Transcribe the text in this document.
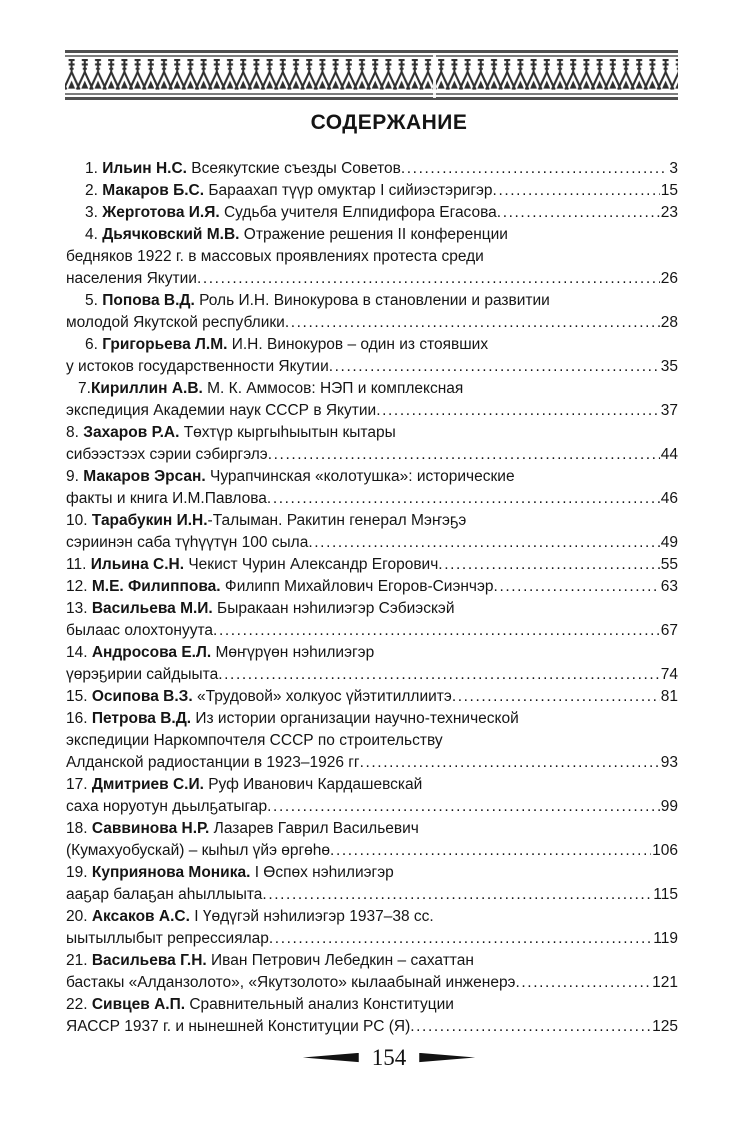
СОДЕРЖАНИЕ
1. Ильин Н.С. Всеякутские съезды Советов .....	3
2. Макаров Б.С. Бараахап түүр омуктар I сийиэстэригэр .....	15
3. Жерготова И.Я. Судьба учителя Елпидифора Егасова .....	23
4. Дьячковский М.В. Отражение решения II конференции
бедняков 1922 г. в массовых проявлениях протеста среди
населения Якутии .....	26
5. Попова В.Д. Роль И.Н. Винокурова в становлении и развитии
молодой Якутской республики .....	28
6. Григорьева Л.М. И.Н. Винокуров – один из стоявших
у истоков государственности Якутии .....	35
7.Кириллин А.В. М. К. Аммосов: НЭП и комплексная
экспедиция Академии наук СССР в Якутии .....	37
8. Захаров Р.А. Төхтүр кыргыһыытын кытары
сибээстээх сэрии сэбиргэлэ .....	44
9. Макаров Эрсан. Чурапчинская «колотушка»: исторические
факты и книга И.М.Павлова .....	46
10. Тарабукин И.Н.-Талыман. Ракитин генерал Мэҥэҕэ
сэриинэн саба түһүүтүн 100 сыла .....	49
11. Ильина С.Н. Чекист Чурин Александр Егорович .....	55
12. М.Е. Филиппова. Филипп Михайлович Егоров-Сиэнчэр .....	63
13. Васильева М.И. Быракаан нэһилиэгэр Сэбиэскэй
былаас олохтонуута .....	67
14. Андросова Е.Л. Мөҥүрүөн нэһилиэгэр
үөрэҕирии сайдыыта .....	74
15. Осипова В.З. «Трудовой» холкуос үйэтитиллиитэ .....	81
16. Петрова В.Д. Из истории организации научно-технической
экспедиции Наркомпочтеля СССР по строительству
Алданской радиостанции в 1923–1926 гг .....	93
17. Дмитриев С.И. Руф Иванович Кардашевскай
саха норуотун дьылҕатыгар .....	99
18. Саввинова Н.Р. Лазарев Гаврил Васильевич
(Кумахуобускай) – кыһыл үйэ өргөһө .....	106
19. Куприянова Моника. I Өспөх нэһилиэгэр
ааҕар балаҕан аһыллыыта .....	115
20. Аксаков А.С. I Үөдүгэй нэһилиэгэр 1937–38 сс.
ыытыллыбыт репрессиялар .....	119
21. Васильева Г.Н. Иван Петрович Лебедкин – сахаттан
бастакы «Алданзолото», «Якутзолото» кылаабынай инженерэ .....	121
22. Сивцев А.П. Сравнительный анализ Конституции
ЯАССР 1937 г. и нынешней Конституции РС (Я) .....	125
154
